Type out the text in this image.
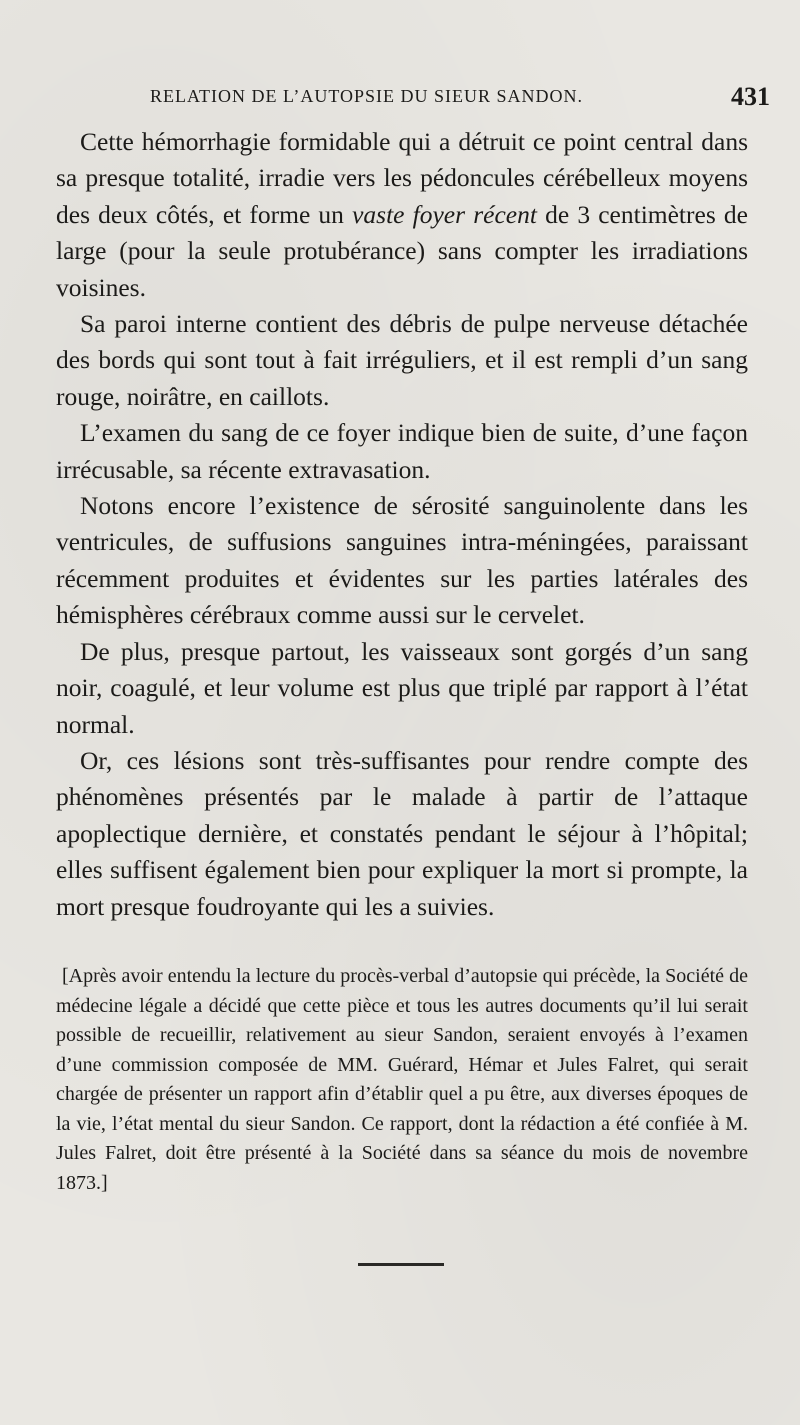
RELATION DE L’AUTOPSIE DU SIEUR SANDON.	431

Cette hémorrhagie formidable qui a détruit ce point central dans sa presque totalité, irradie vers les pédoncules cérébelleux moyens des deux côtés, et forme un vaste foyer récent de 3 centimètres de large (pour la seule protubérance) sans compter les irradiations voisines.

Sa paroi interne contient des débris de pulpe nerveuse détachée des bords qui sont tout à fait irréguliers, et il est rempli d’un sang rouge, noirâtre, en caillots.

L’examen du sang de ce foyer indique bien de suite, d’une façon irrécusable, sa récente extravasation.

Notons encore l’existence de sérosité sanguinolente dans les ventricules, de suffusions sanguines intra-méningées, paraissant récemment produites et évidentes sur les parties latérales des hémisphères cérébraux comme aussi sur le cervelet.

De plus, presque partout, les vaisseaux sont gorgés d’un sang noir, coagulé, et leur volume est plus que triplé par rapport à l’état normal.

Or, ces lésions sont très-suffisantes pour rendre compte des phénomènes présentés par le malade à partir de l’attaque apoplectique dernière, et constatés pendant le séjour à l’hôpital; elles suffisent également bien pour expliquer la mort si prompte, la mort presque foudroyante qui les a suivies.

[Après avoir entendu la lecture du procès-verbal d’autopsie qui précède, la Société de médecine légale a décidé que cette pièce et tous les autres documents qu’il lui serait possible de recueillir, relativement au sieur Sandon, seraient envoyés à l’examen d’une commission composée de MM. Guérard, Hémar et Jules Falret, qui serait chargée de présenter un rapport afin d’établir quel a pu être, aux diverses époques de la vie, l’état mental du sieur Sandon. Ce rapport, dont la rédaction a été confiée à M. Jules Falret, doit être présenté à la Société dans sa séance du mois de novembre 1873.]
